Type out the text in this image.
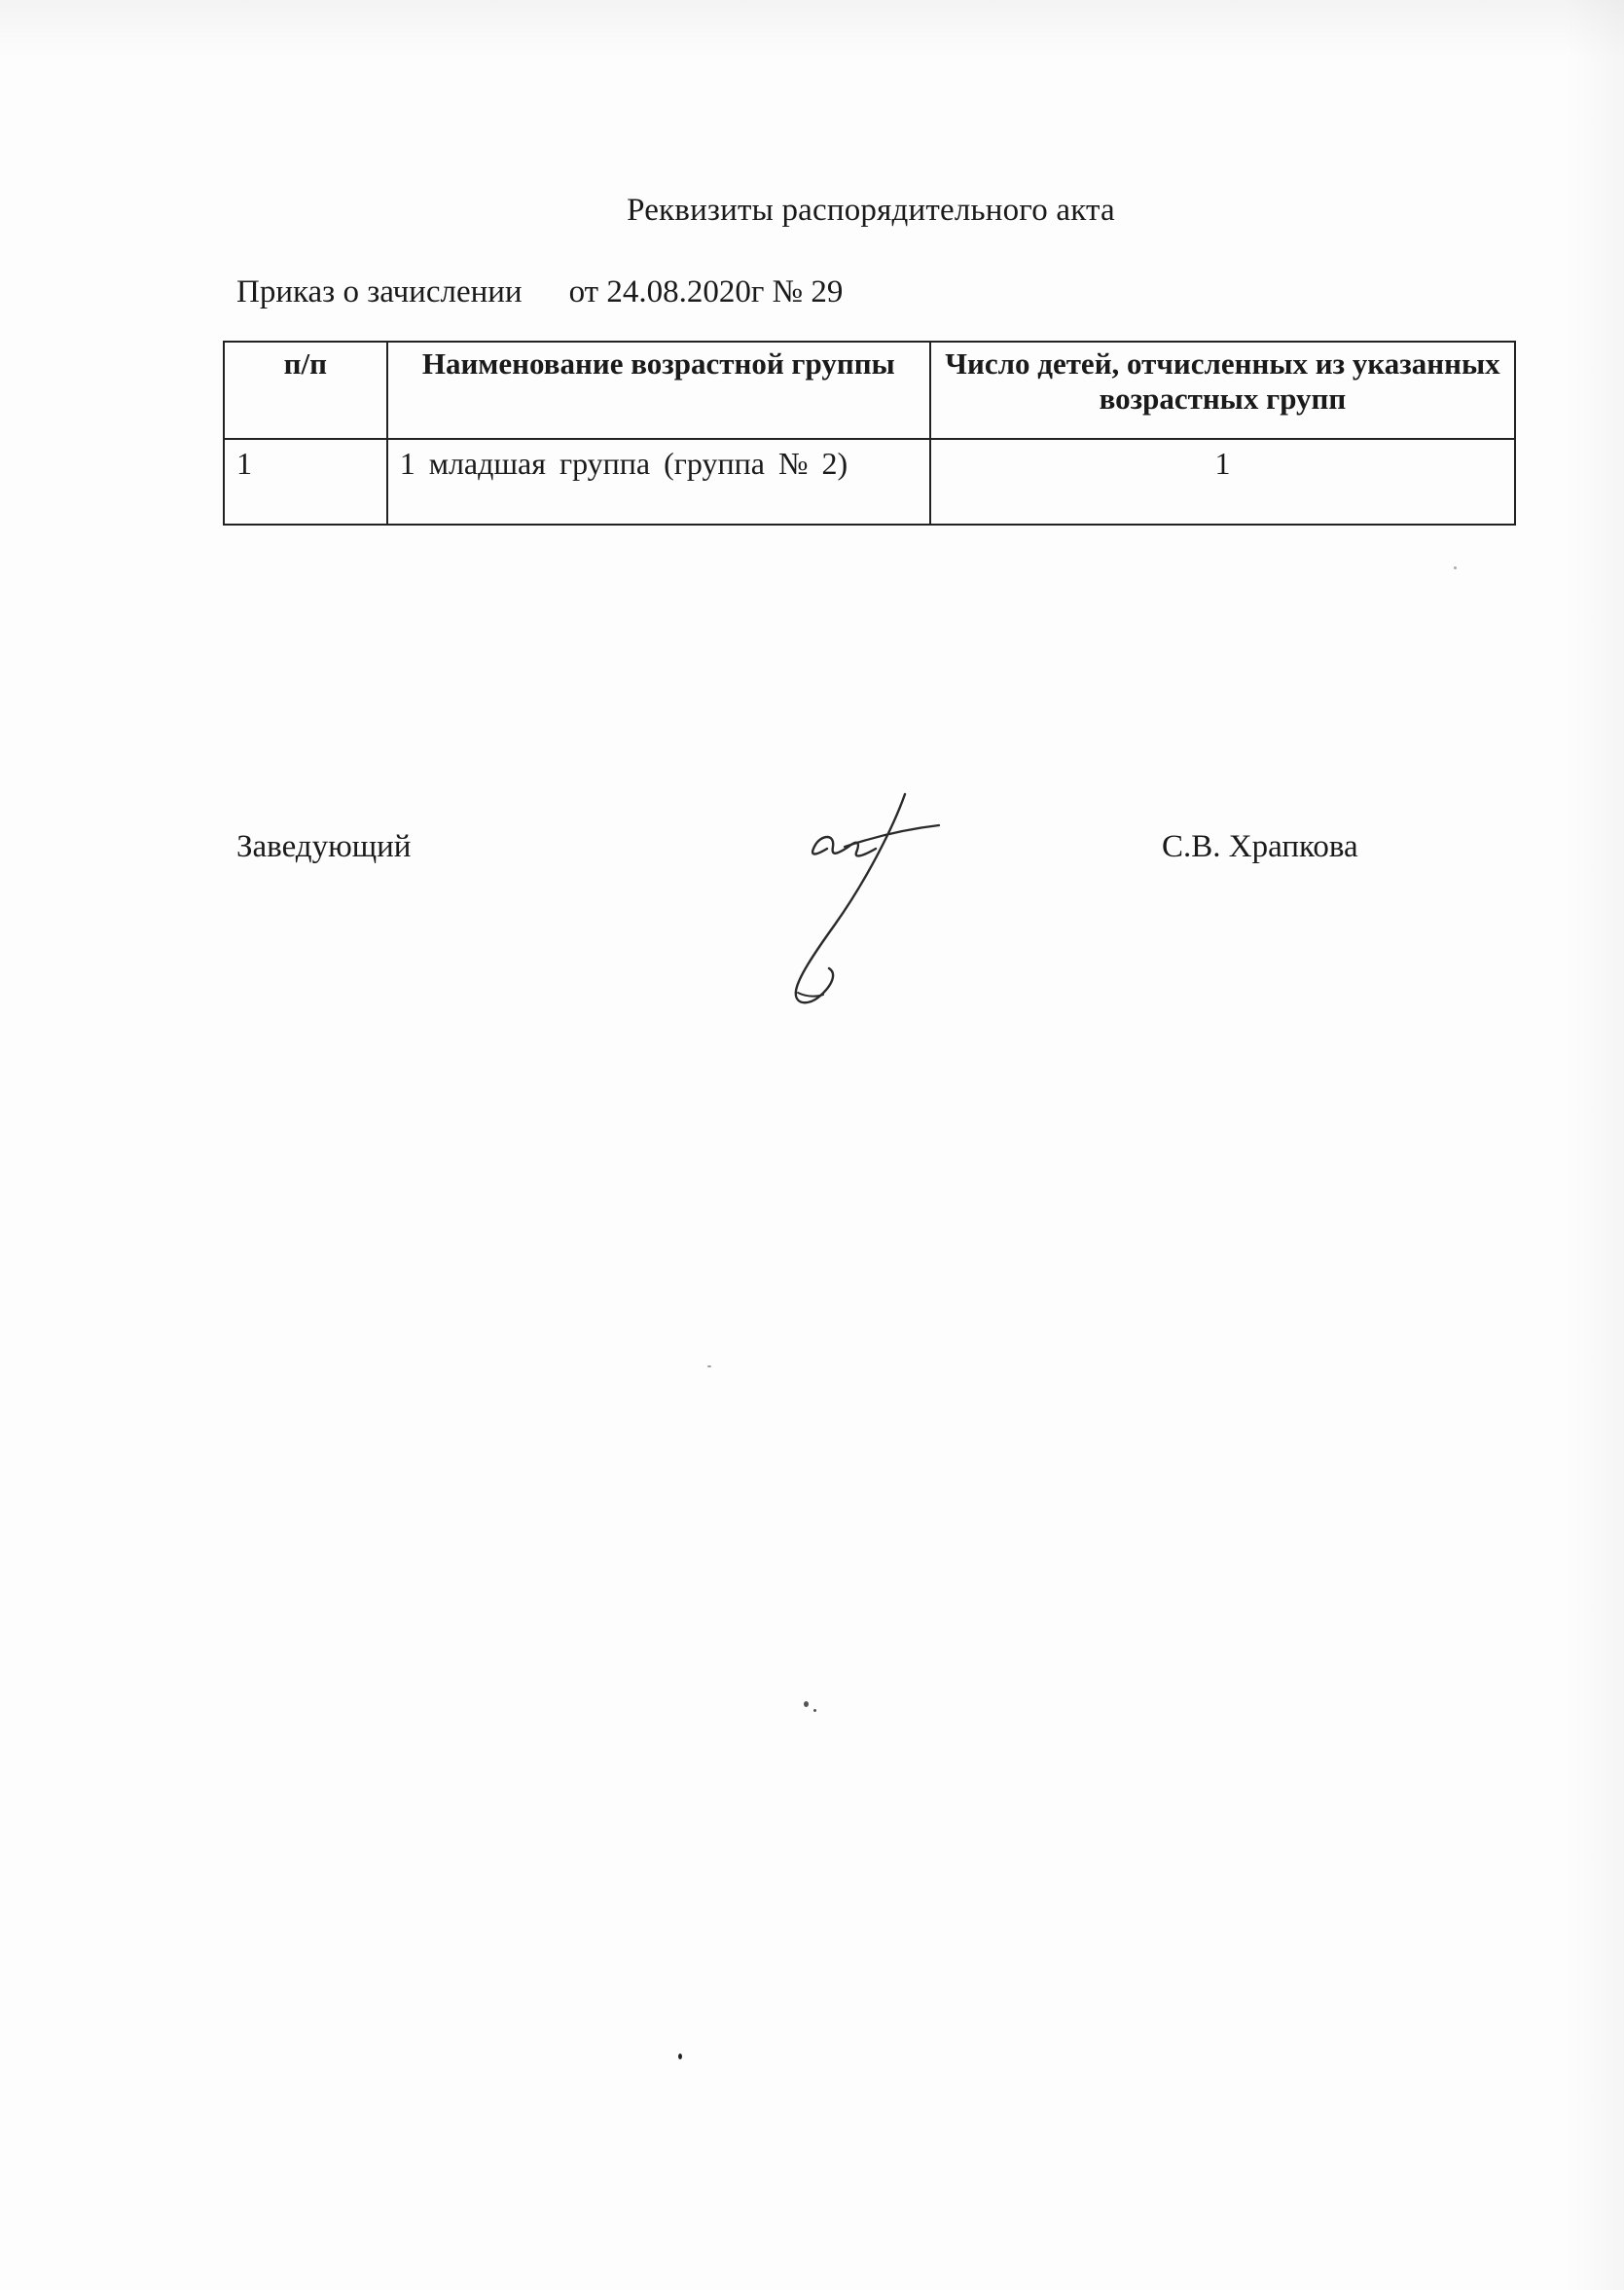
Реквизиты распорядительного акта
Приказ о зачислении от 24.08.2020г № 29
п/п	Наименование возрастной группы	Число детей, отчисленных из указанных возрастных групп
1	1 младшая группа (группа № 2)	1
Заведующий	С.В. Храпкова
